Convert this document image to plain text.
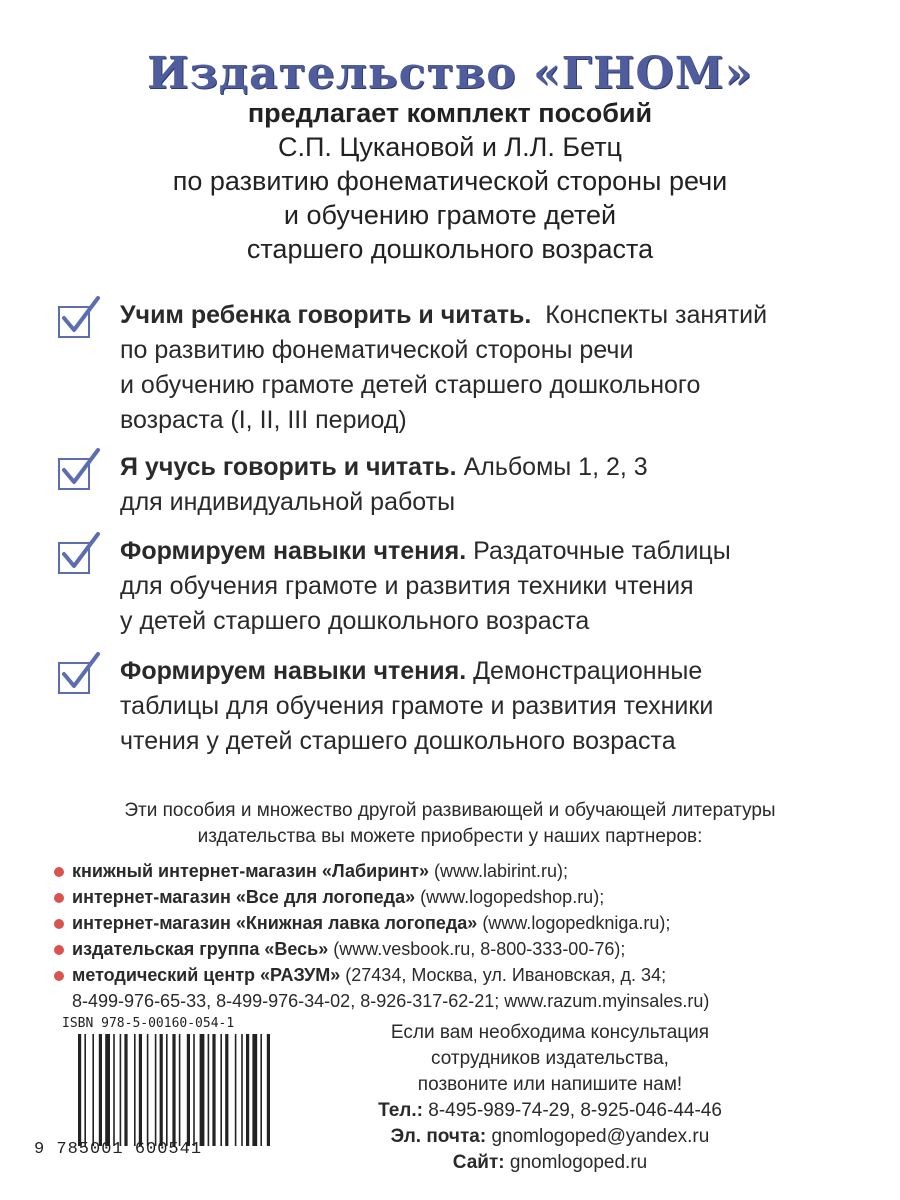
Издательство «ГНОМ»
предлагает комплект пособий
С.П. Цукановой и Л.Л. Бетц
по развитию фонематической стороны речи
и обучению грамоте детей
старшего дошкольного возраста
Учим ребенка говорить и читать. Конспекты занятий
по развитию фонематической стороны речи
и обучению грамоте детей старшего дошкольного
возраста (I, II, III период)
Я учусь говорить и читать. Альбомы 1, 2, 3
для индивидуальной работы
Формируем навыки чтения. Раздаточные таблицы
для обучения грамоте и развития техники чтения
у детей старшего дошкольного возраста
Формируем навыки чтения. Демонстрационные
таблицы для обучения грамоте и развития техники
чтения у детей старшего дошкольного возраста
Эти пособия и множество другой развивающей и обучающей литературы
издательства вы можете приобрести у наших партнеров:
книжный интернет-магазин «Лабиринт» (www.labirint.ru);
интернет-магазин «Все для логопеда» (www.logopedshop.ru);
интернет-магазин «Книжная лавка логопеда» (www.logopedkniga.ru);
издательская группа «Весь» (www.vesbook.ru, 8-800-333-00-76);
методический центр «РАЗУМ» (27434, Москва, ул. Ивановская, д. 34;
8-499-976-65-33, 8-499-976-34-02, 8-926-317-62-21; www.razum.myinsales.ru)
ISBN 978-5-00160-054-1
9 785001 600541
Если вам необходима консультация
сотрудников издательства,
позвоните или напишите нам!
Тел.: 8-495-989-74-29, 8-925-046-44-46
Эл. почта: gnomlogoped@yandex.ru
Сайт: gnomlogoped.ru
